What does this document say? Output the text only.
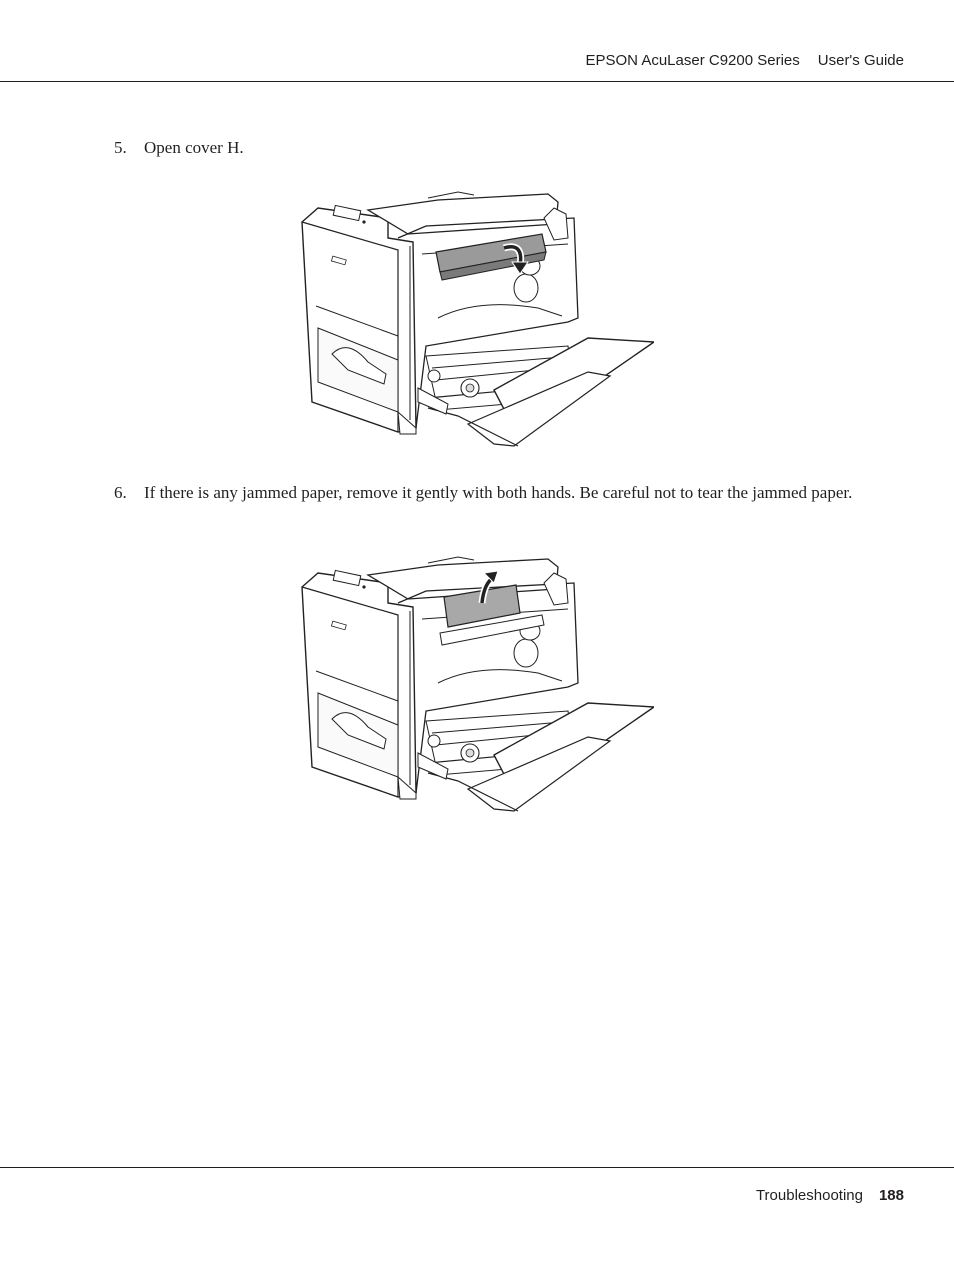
EPSON AcuLaser C9200 Series User's Guide
5. Open cover H.
6. If there is any jammed paper, remove it gently with both hands. Be careful not to tear the jammed paper.
Troubleshooting 188
